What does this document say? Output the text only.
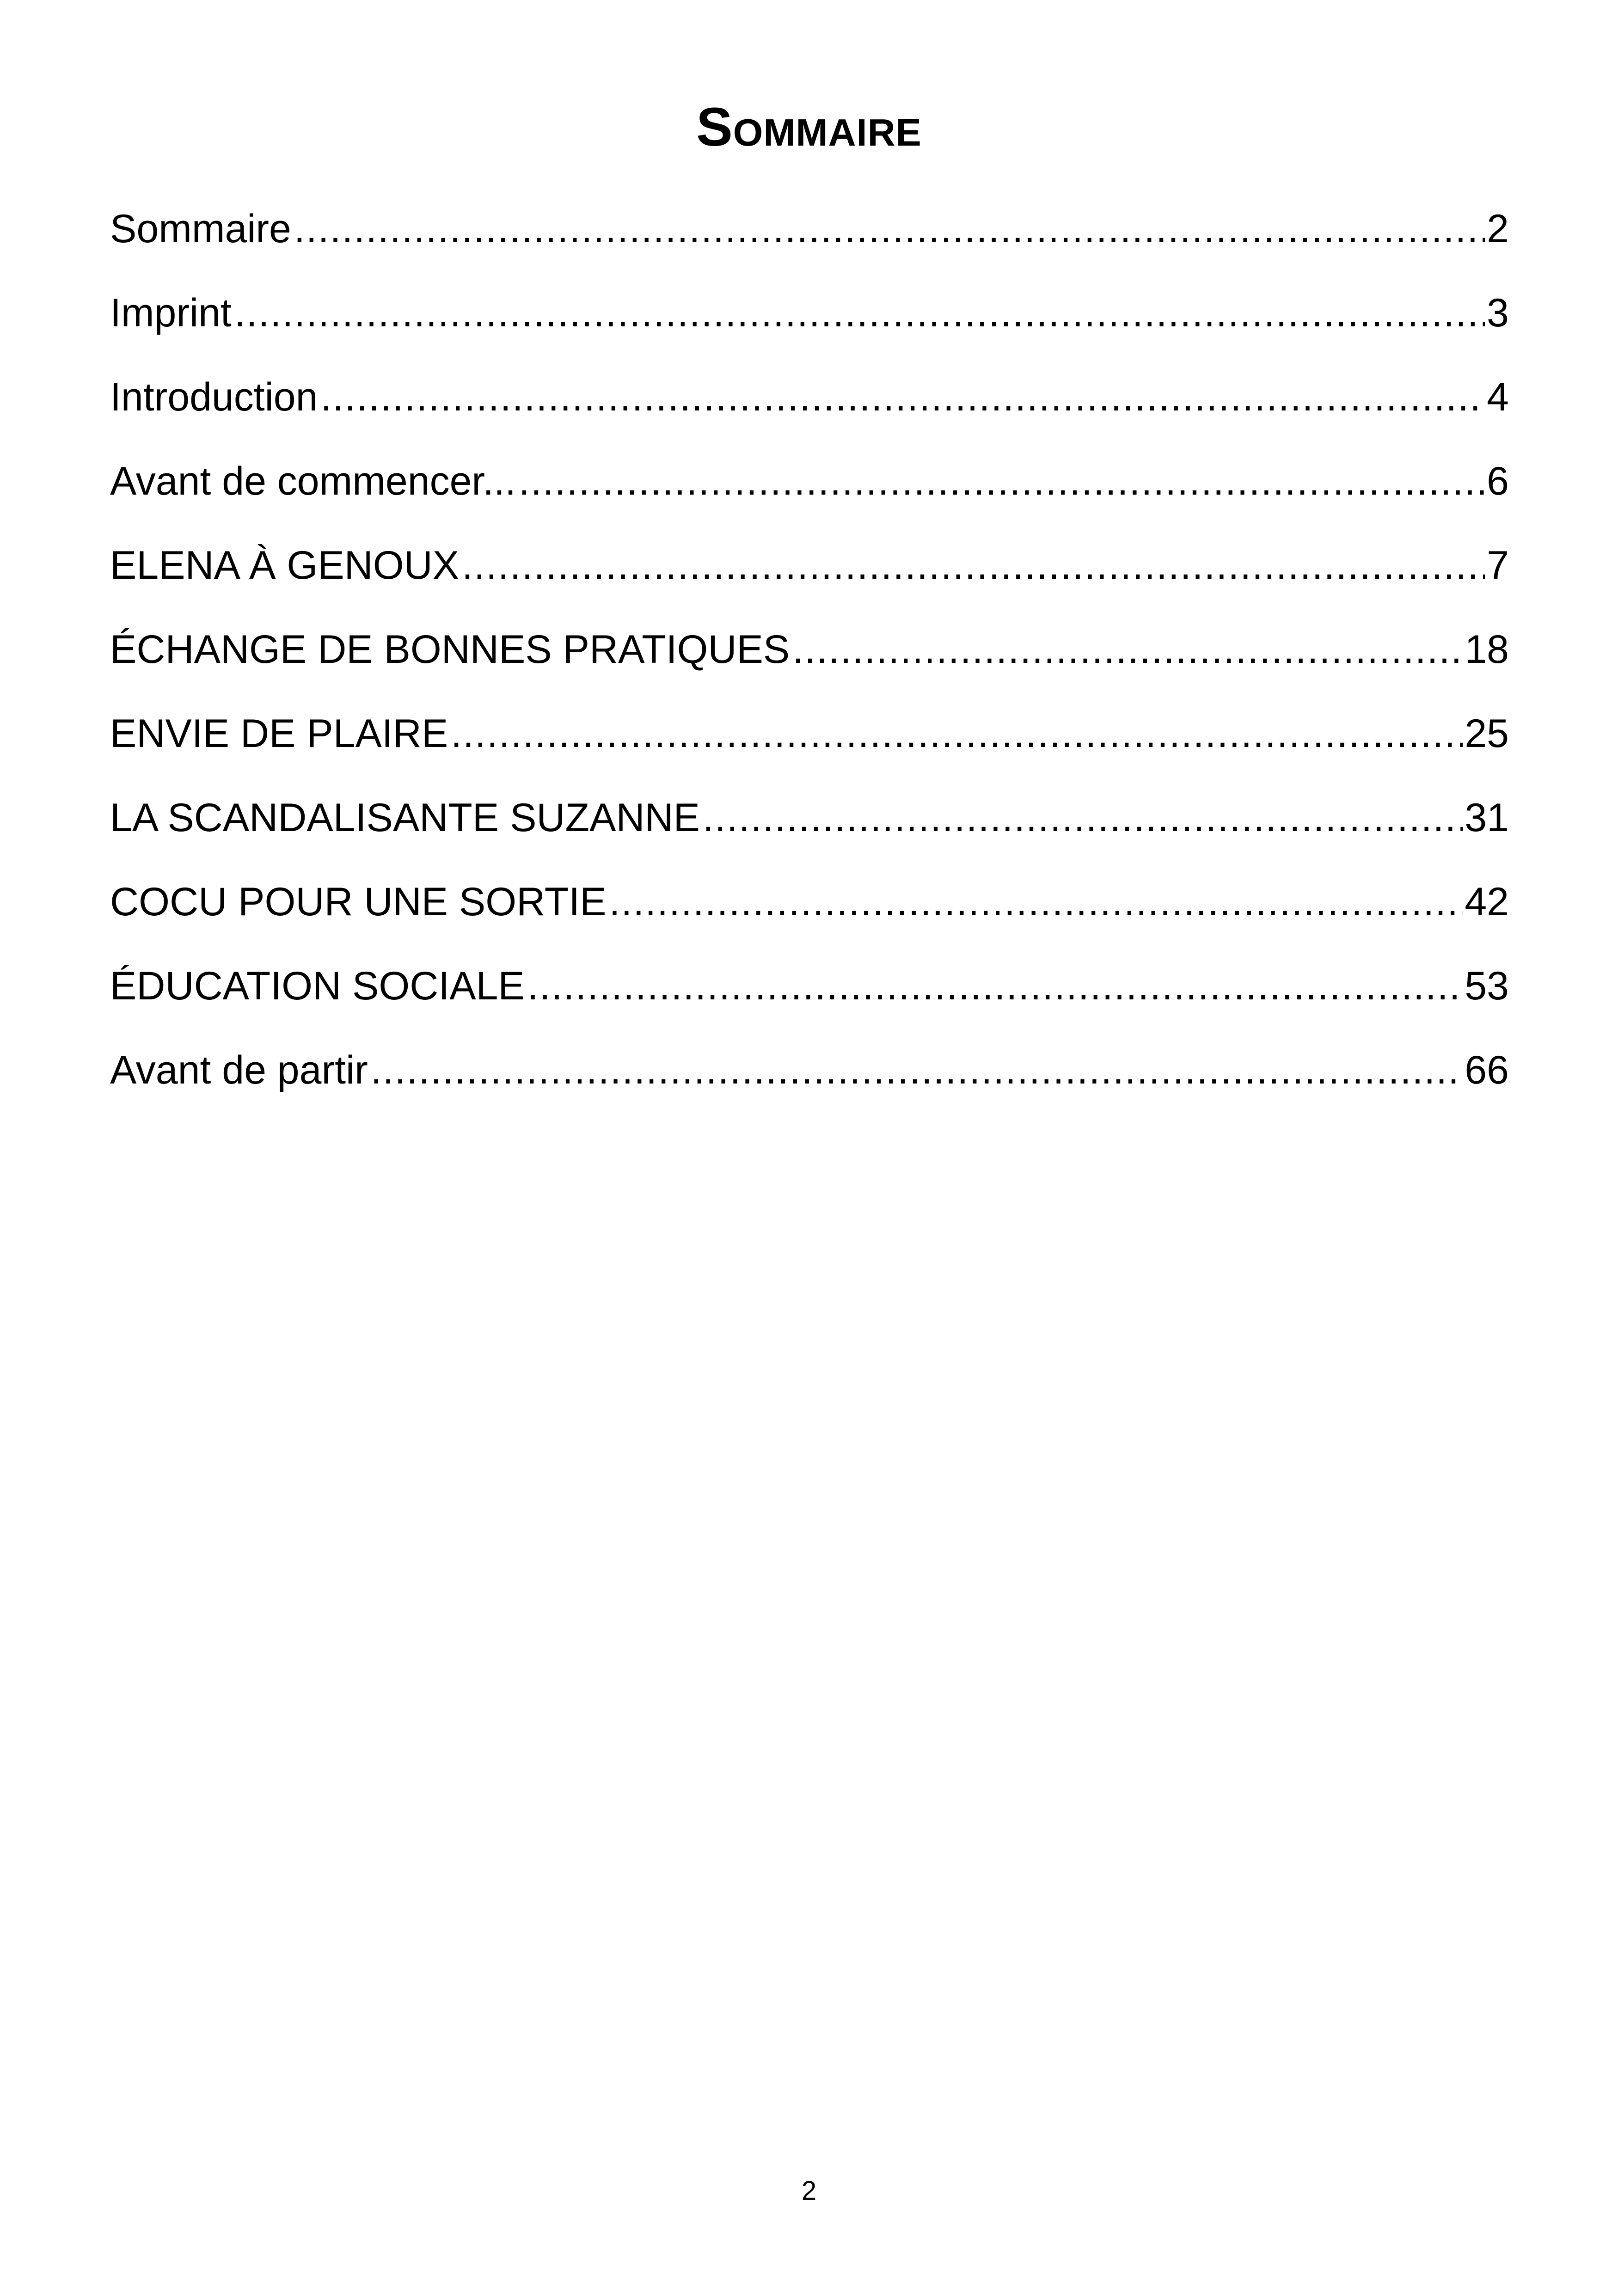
Sommaire
Sommaire .....	2
Imprint .....	3
Introduction .....	4
Avant de commencer... .....	6
ELENA À GENOUX .....	7
ÉCHANGE DE BONNES PRATIQUES .....	18
ENVIE DE PLAIRE .....	25
LA SCANDALISANTE SUZANNE .....	31
COCU POUR UNE SORTIE .....	42
ÉDUCATION SOCIALE .....	53
Avant de partir .....	66
2
